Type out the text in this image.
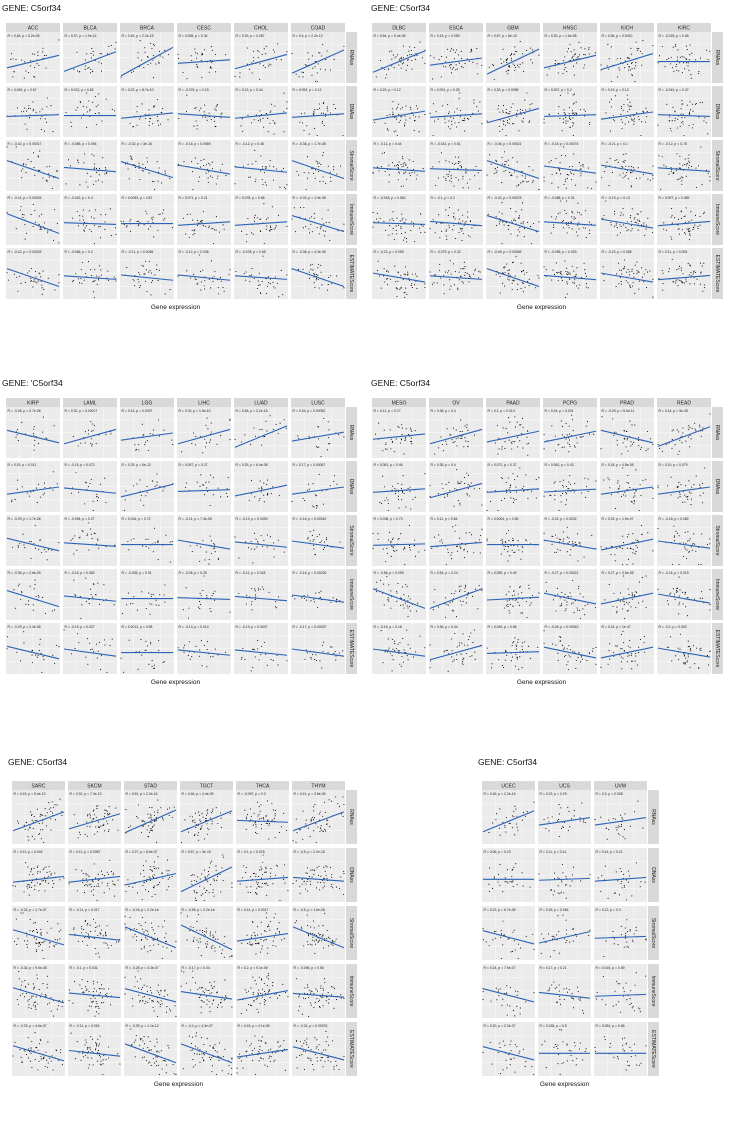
GENE: C5orf34
ACC	BLCA	BRCA	CESC	CHOL	COAD
RNAss
DNAss
StromalScore
ImmuneScore
ESTIMATEScore
R = 0.48, p = 5.2e-05	R = 0.37, p = 1.9e-14	R = 0.49, p < 2.2e-16	R = 0.055, p = 0.34	R = 0.29, p = 0.087	R = 0.4, p < 2.2e-12
R = 0.049, p = 0.67	R = 0.012, p = 0.82	R = 0.22, p = 8.7e-10	R = -0.076, p = 0.19	R = 0.13, p = 0.44	R = 0.092, p = 0.12
R = -0.42, p = 0.00017	R = -0.085, p = 0.094	R = -0.32, p = 3e-16	R = -0.16, p = 0.0069	R = -0.12, p = 0.48	R = -0.38, p = 1.7e-08
R = -0.41, p = 0.00025	R = -0.042, p = 0.4	R = 0.0053, p = 0.87	R = 0.071, p = 0.21	R = 0.078, p = 0.66	R = -0.33, p = 1.9e-08
R = -0.42, p = 0.00015	R = -0.066, p = 0.2	R = -0.11, p = 0.0036	R = -0.12, p = 0.036	R = -0.078, p = 0.65	R = -0.38, p = 4.3e-08
Gene expression
GENE: C5orf34
DLBC	ESCA	GBM	HNSC	KICH	KIRC
RNAss
DNAss
StromalScore
ImmuneScore
ESTIMATEScore
R = 0.54, p = 9.4e-05	R = 0.15, p = 0.059	R = 0.67, p = 8e-10	R = 0.25, p = 1.6e-08	R = 0.36, p = 0.0010	R = -0.025, p = 0.65
R = 0.23, p = 0.12	R = 0.091, p = 0.25	R = 0.33, p = 0.0098	R = 0.057, p = 0.2	R = 0.19, p = 0.13	R = -0.041, p = 0.47
R = -0.11, p = 0.44	R = -0.041, p = 0.61	R = -0.46, p = 0.00021	R = -0.15, p = 0.00074	R = -0.21, p = 0.1	R = -0.12, p = 0.78
R = -0.018, p = 0.062	R = -0.1, p = 0.2	R = -0.42, p = 0.00078	R = -0.088, p = 0.31	R = -0.19, p = 0.13	R = 0.097, p = 0.089
R = -0.22, p = 0.059	R = -0.079, p = 0.32	R = -0.45, p = 0.00065	R = -0.096, p = 0.033	R = -0.22, p = 0.085	R = 0.11, p = 0.053
Gene expression
GENE: 'C5orf34
KIRP	LAML	LGG	LIHC	LUAD	LUSC
RNAss
DNAss
StromalScore
ImmuneScore
ESTIMATEScore
R = -0.28, p = 2.7e-06	R = 0.32, p = 0.00017	R = 0.13, p = 0.0037	R = 0.33, p = 1.5e-10	R = 0.48, p < 2.2e-16	R = 0.16, p = 0.00052
R = 0.15, p = 0.011	R = -0.15, p = 0.072	R = 0.29, p = 6e-12	R = 0.057, p = 0.27	R = 0.25, p = 6.4e-08	R = 0.17, p = 0.00067
R = -0.29, p = 1.7e-06	R = -0.094, p = 0.27	R = 0.016, p = 0.72	R = -0.21, p = 7.3e-05	R = -0.13, p = 0.0093	R = -0.16, p = 0.00042
R = -0.35, p = 2.6e-09	R = -0.15, p = 0.082	R = -0.005, p = 0.91	R = -0.06, p = 0.25	R = -0.11, p = 0.018	R = -0.16, p = 0.00026
R = -0.29, p = 2.3e-06	R = -0.19, p = 0.027	R = 0.0012, p = 0.98	R = -0.13, p = 0.014	R = -0.13, p = 0.0037	R = -0.17, p = 0.00037
Gene expression
GENE: C5orf34
MESO	OV	PAAD	PCPG	PRAD	READ
RNAss
DNAss
StromalScore
ImmuneScore
ESTIMATEScore
R = 0.12, p = 0.27	R = 0.38, p = 0.4	R = 0.2, p = 0.013	R = 0.24, p = 0.001	R = -0.29, p = 5.6e-11	R = 0.44, p = 3e-05
R = 0.081, p = 0.46	R = 0.38, p = 0.4	R = 0.072, p = 0.37	R = 0.062, p = 0.43	R = 0.18, p = 4.8e-05	R = 0.19, p = 0.079
R = 0.038, p = 0.73	R = 0.11, p = 0.84	R = 0.0004, p = 0.96	R = -0.22, p = 0.0032	R = 0.23, p = 1.9e-07	R = -0.18, p = 0.082
R = -0.56, p = 0.059	R = 0.54, p = 0.24	R = 0.059, p = 0.49	R = -0.27, p = 0.00021	R = 0.27, p = 3.5e-08	R = -0.24, p = 0.019
R = -0.15, p = 0.18	R = 0.36, p = 0.44	R = 0.049, p = 0.56	R = -0.26, p = 0.00043	R = 0.24, p = 1e-07	R = -0.2, p = 0.052
Gene expression
GENE: C5orf34
SARC	SKCM	STAD	TGCT	THCA	THYM
RNAss
DNAss
StromalScore
ImmuneScore
ESTIMATEScore
R = 0.43, p = 5.4e-13	R = 0.32, p = 7.3e-13	R = 0.51, p < 2.2e-16	R = 0.46, p = 4.4e-09	R = -0.057, p = 0.2	R = 0.41, p = 3.8e-06
R = 0.13, p = 0.044	R = 0.12, p = 0.0087	R = 0.27, p = 8.8e-07	R = 0.57, p = 3e-15	R = 0.1, p = 0.025	R = -0.5, p = 2.2e-16
R = -0.32, p = 1.7e-07	R = -0.11, p = 0.017	R = -0.43, p < 2.2e-16	R = -0.55, p < 2.2e-16	R = 0.14, p = 0.0017	R = -0.5, p = 1.6e-08
R = -0.34, p = 9.5e-08	R = -0.1, p = 0.031	R = -0.28, p = 3.3e-07	R = -0.17, p = 0.04	R = 0.2, p = 9.1e-06	R = -0.096, p = 0.55
R = -0.33, p = 4.6e-07	R = -0.11, p = 0.018	R = -0.39, p = 1.1e-12	R = -0.4, p = 4.3e-07	R = 0.18, p = 4.1e-05	R = -0.31, p = 0.00076
Gene expression
GENE: C5orf34
UCEC	UCS	UVM
RNAss
DNAss
StromalScore
ImmuneScore
ESTIMATEScore
R = 0.46, p < 2.2e-16	R = 0.23, p = 0.09	R = 0.3, p = 0.008
R = 0.06, p = 0.23	R = 0.11, p = 0.41	R = 0.14, p = 0.21
R = 0.22, p = 6.7e-05	R = 0.25, p = 0.064	R = 0.12, p = 0.3
R = 0.24, p = 7.9e-07	R = 0.17, p = 0.21	R = 0.015, p = 0.89
R = 0.20, p = 3.3e-07	R = 0.035, p = 0.8	R = 0.054, p = 0.66
Gene expression
